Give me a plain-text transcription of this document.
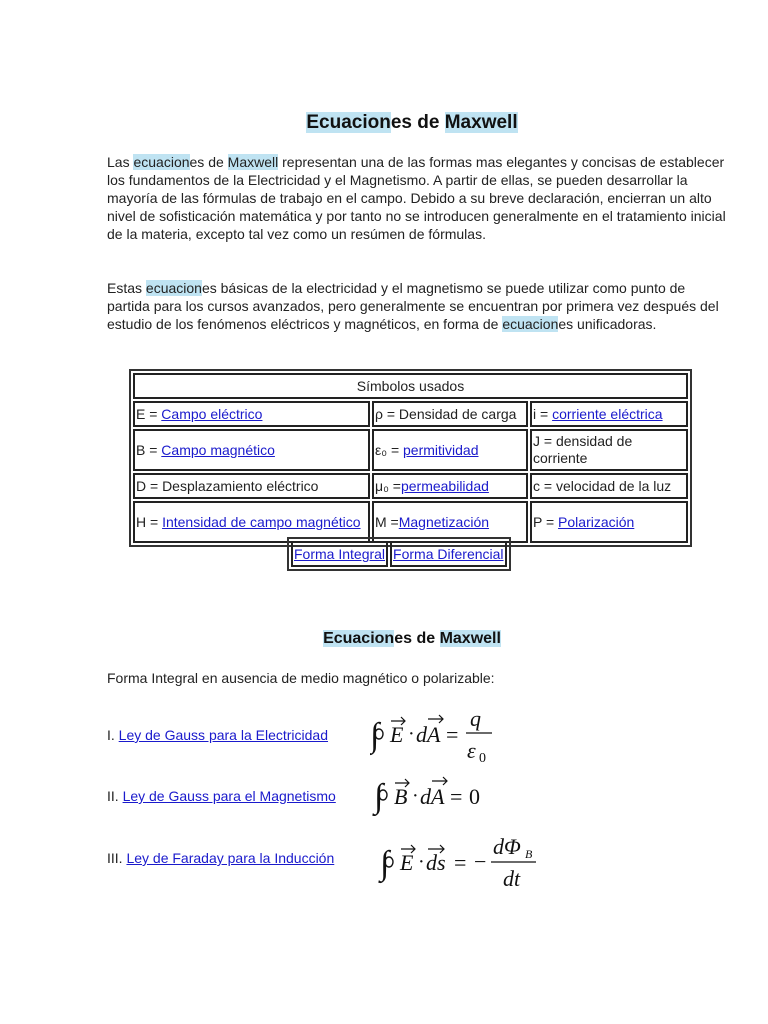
Ecuaciones de Maxwell

Las ecuaciones de Maxwell representan una de las formas mas elegantes y concisas de establecer los fundamentos de la Electricidad y el Magnetismo. A partir de ellas, se pueden desarrollar la mayoría de las fórmulas de trabajo en el campo. Debido a su breve declaración, encierran un alto nivel de sofisticación matemática y por tanto no se introducen generalmente en el tratamiento inicial de la materia, excepto tal vez como un resúmen de fórmulas.

Estas ecuaciones básicas de la electricidad y el magnetismo se puede utilizar como punto de partida para los cursos avanzados, pero generalmente se encuentran por primera vez después del estudio de los fenómenos eléctricos y magnéticos, en forma de ecuaciones unificadoras.

Símbolos usados		
E = Campo eléctrico	ρ = Densidad de carga	i = corriente eléctrica
B = Campo magnético	ε₀ = permitividad	J = densidad de corriente
D = Desplazamiento eléctrico	μ₀ =permeabilidad	c = velocidad de la luz
H = Intensidad de campo magnético	M =Magnetización	P = Polarización
Forma Integral	Forma Diferencial
Ecuaciones de Maxwell
Forma Integral en ausencia de medio magnético o polarizable:
I. Ley de Gauss para la Electricidad
II. Ley de Gauss para el Magnetismo
III. Ley de Faraday para la Inducción
∫ E · dA =
q
ε 0
∫ B · dA = 0
∫ E · ds = −
dΦ B
dt
